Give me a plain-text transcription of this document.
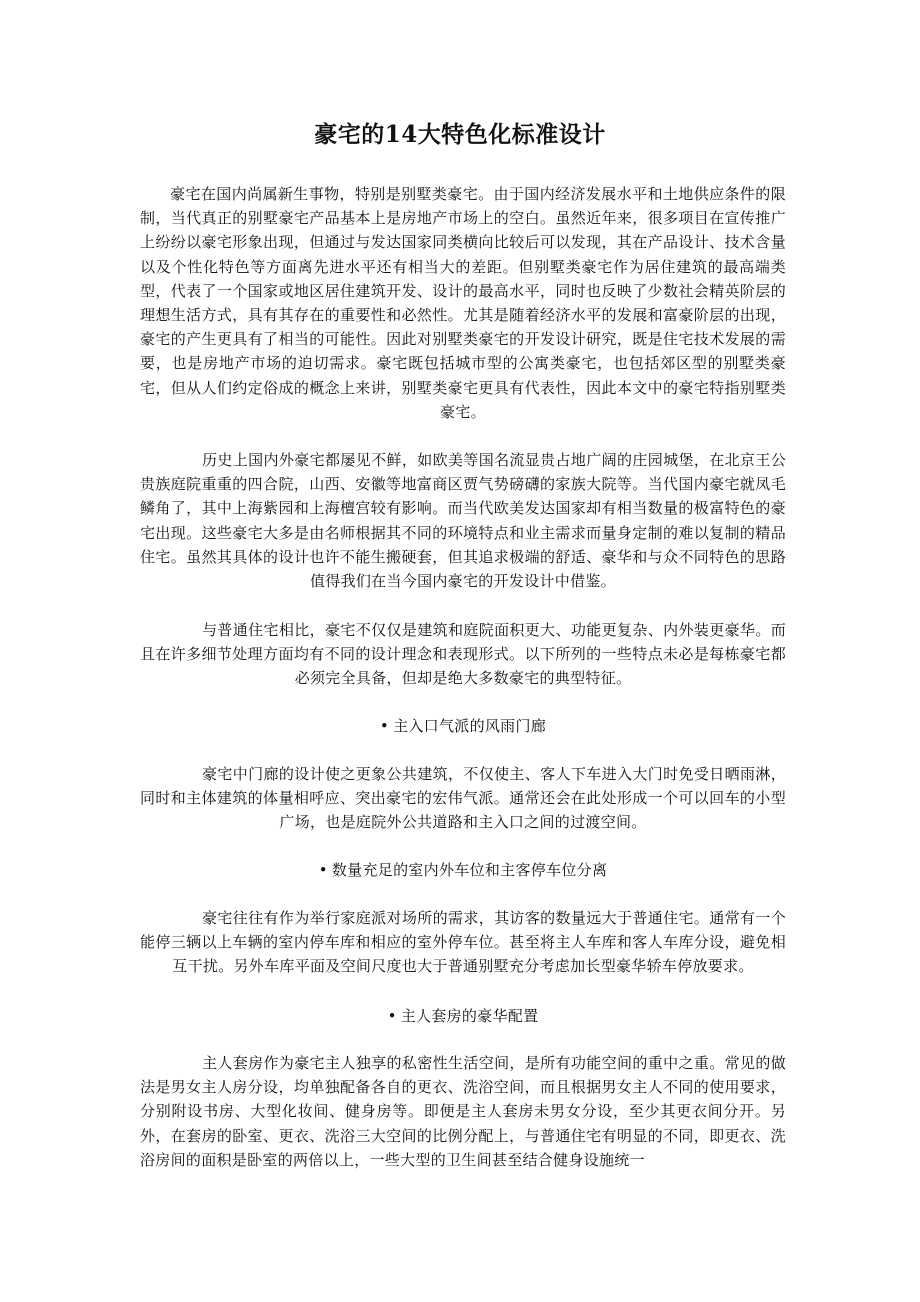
豪宅的14大特色化标准设计
豪宅在国内尚属新生事物，特别是别墅类豪宅。由于国内经济发展水平和土地供应条件的限制，当代真正的别墅豪宅产品基本上是房地产市场上的空白。虽然近年来，很多项目在宣传推广上纷纷以豪宅形象出现，但通过与发达国家同类横向比较后可以发现，其在产品设计、技术含量以及个性化特色等方面离先进水平还有相当大的差距。但别墅类豪宅作为居住建筑的最高端类型，代表了一个国家或地区居住建筑开发、设计的最高水平，同时也反映了少数社会精英阶层的理想生活方式，具有其存在的重要性和必然性。尤其是随着经济水平的发展和富豪阶层的出现，豪宅的产生更具有了相当的可能性。因此对别墅类豪宅的开发设计研究，既是住宅技术发展的需要，也是房地产市场的迫切需求。豪宅既包括城市型的公寓类豪宅，也包括郊区型的别墅类豪宅，但从人们约定俗成的概念上来讲，别墅类豪宅更具有代表性，因此本文中的豪宅特指别墅类豪宅。
历史上国内外豪宅都屡见不鲜，如欧美等国名流显贵占地广阔的庄园城堡，在北京王公贵族庭院重重的四合院，山西、安徽等地富商区贾气势磅礴的家族大院等。当代国内豪宅就凤毛鳞角了，其中上海紫园和上海檀宫较有影响。而当代欧美发达国家却有相当数量的极富特色的豪宅出现。这些豪宅大多是由名师根据其不同的环境特点和业主需求而量身定制的难以复制的精品住宅。虽然其具体的设计也许不能生搬硬套，但其追求极端的舒适、豪华和与众不同特色的思路值得我们在当今国内豪宅的开发设计中借鉴。
与普通住宅相比，豪宅不仅仅是建筑和庭院面积更大、功能更复杂、内外装更豪华。而且在许多细节处理方面均有不同的设计理念和表现形式。以下所列的一些特点未必是每栋豪宅都必须完全具备，但却是绝大多数豪宅的典型特征。
• 主入口气派的风雨门廊
豪宅中门廊的设计使之更象公共建筑，不仅使主、客人下车进入大门时免受日晒雨淋，同时和主体建筑的体量相呼应、突出豪宅的宏伟气派。通常还会在此处形成一个可以回车的小型广场，也是庭院外公共道路和主入口之间的过渡空间。
• 数量充足的室内外车位和主客停车位分离
豪宅往往有作为举行家庭派对场所的需求，其访客的数量远大于普通住宅。通常有一个能停三辆以上车辆的室内停车库和相应的室外停车位。甚至将主人车库和客人车库分设，避免相互干扰。另外车库平面及空间尺度也大于普通别墅充分考虑加长型豪华轿车停放要求。
• 主人套房的豪华配置
主人套房作为豪宅主人独享的私密性生活空间，是所有功能空间的重中之重。常见的做法是男女主人房分设，均单独配备各自的更衣、洗浴空间，而且根据男女主人不同的使用要求，分别附设书房、大型化妆间、健身房等。即便是主人套房未男女分设，至少其更衣间分开。另外，在套房的卧室、更衣、洗浴三大空间的比例分配上，与普通住宅有明显的不同，即更衣、洗浴房间的面积是卧室的两倍以上，一些大型的卫生间甚至结合健身设施统一
